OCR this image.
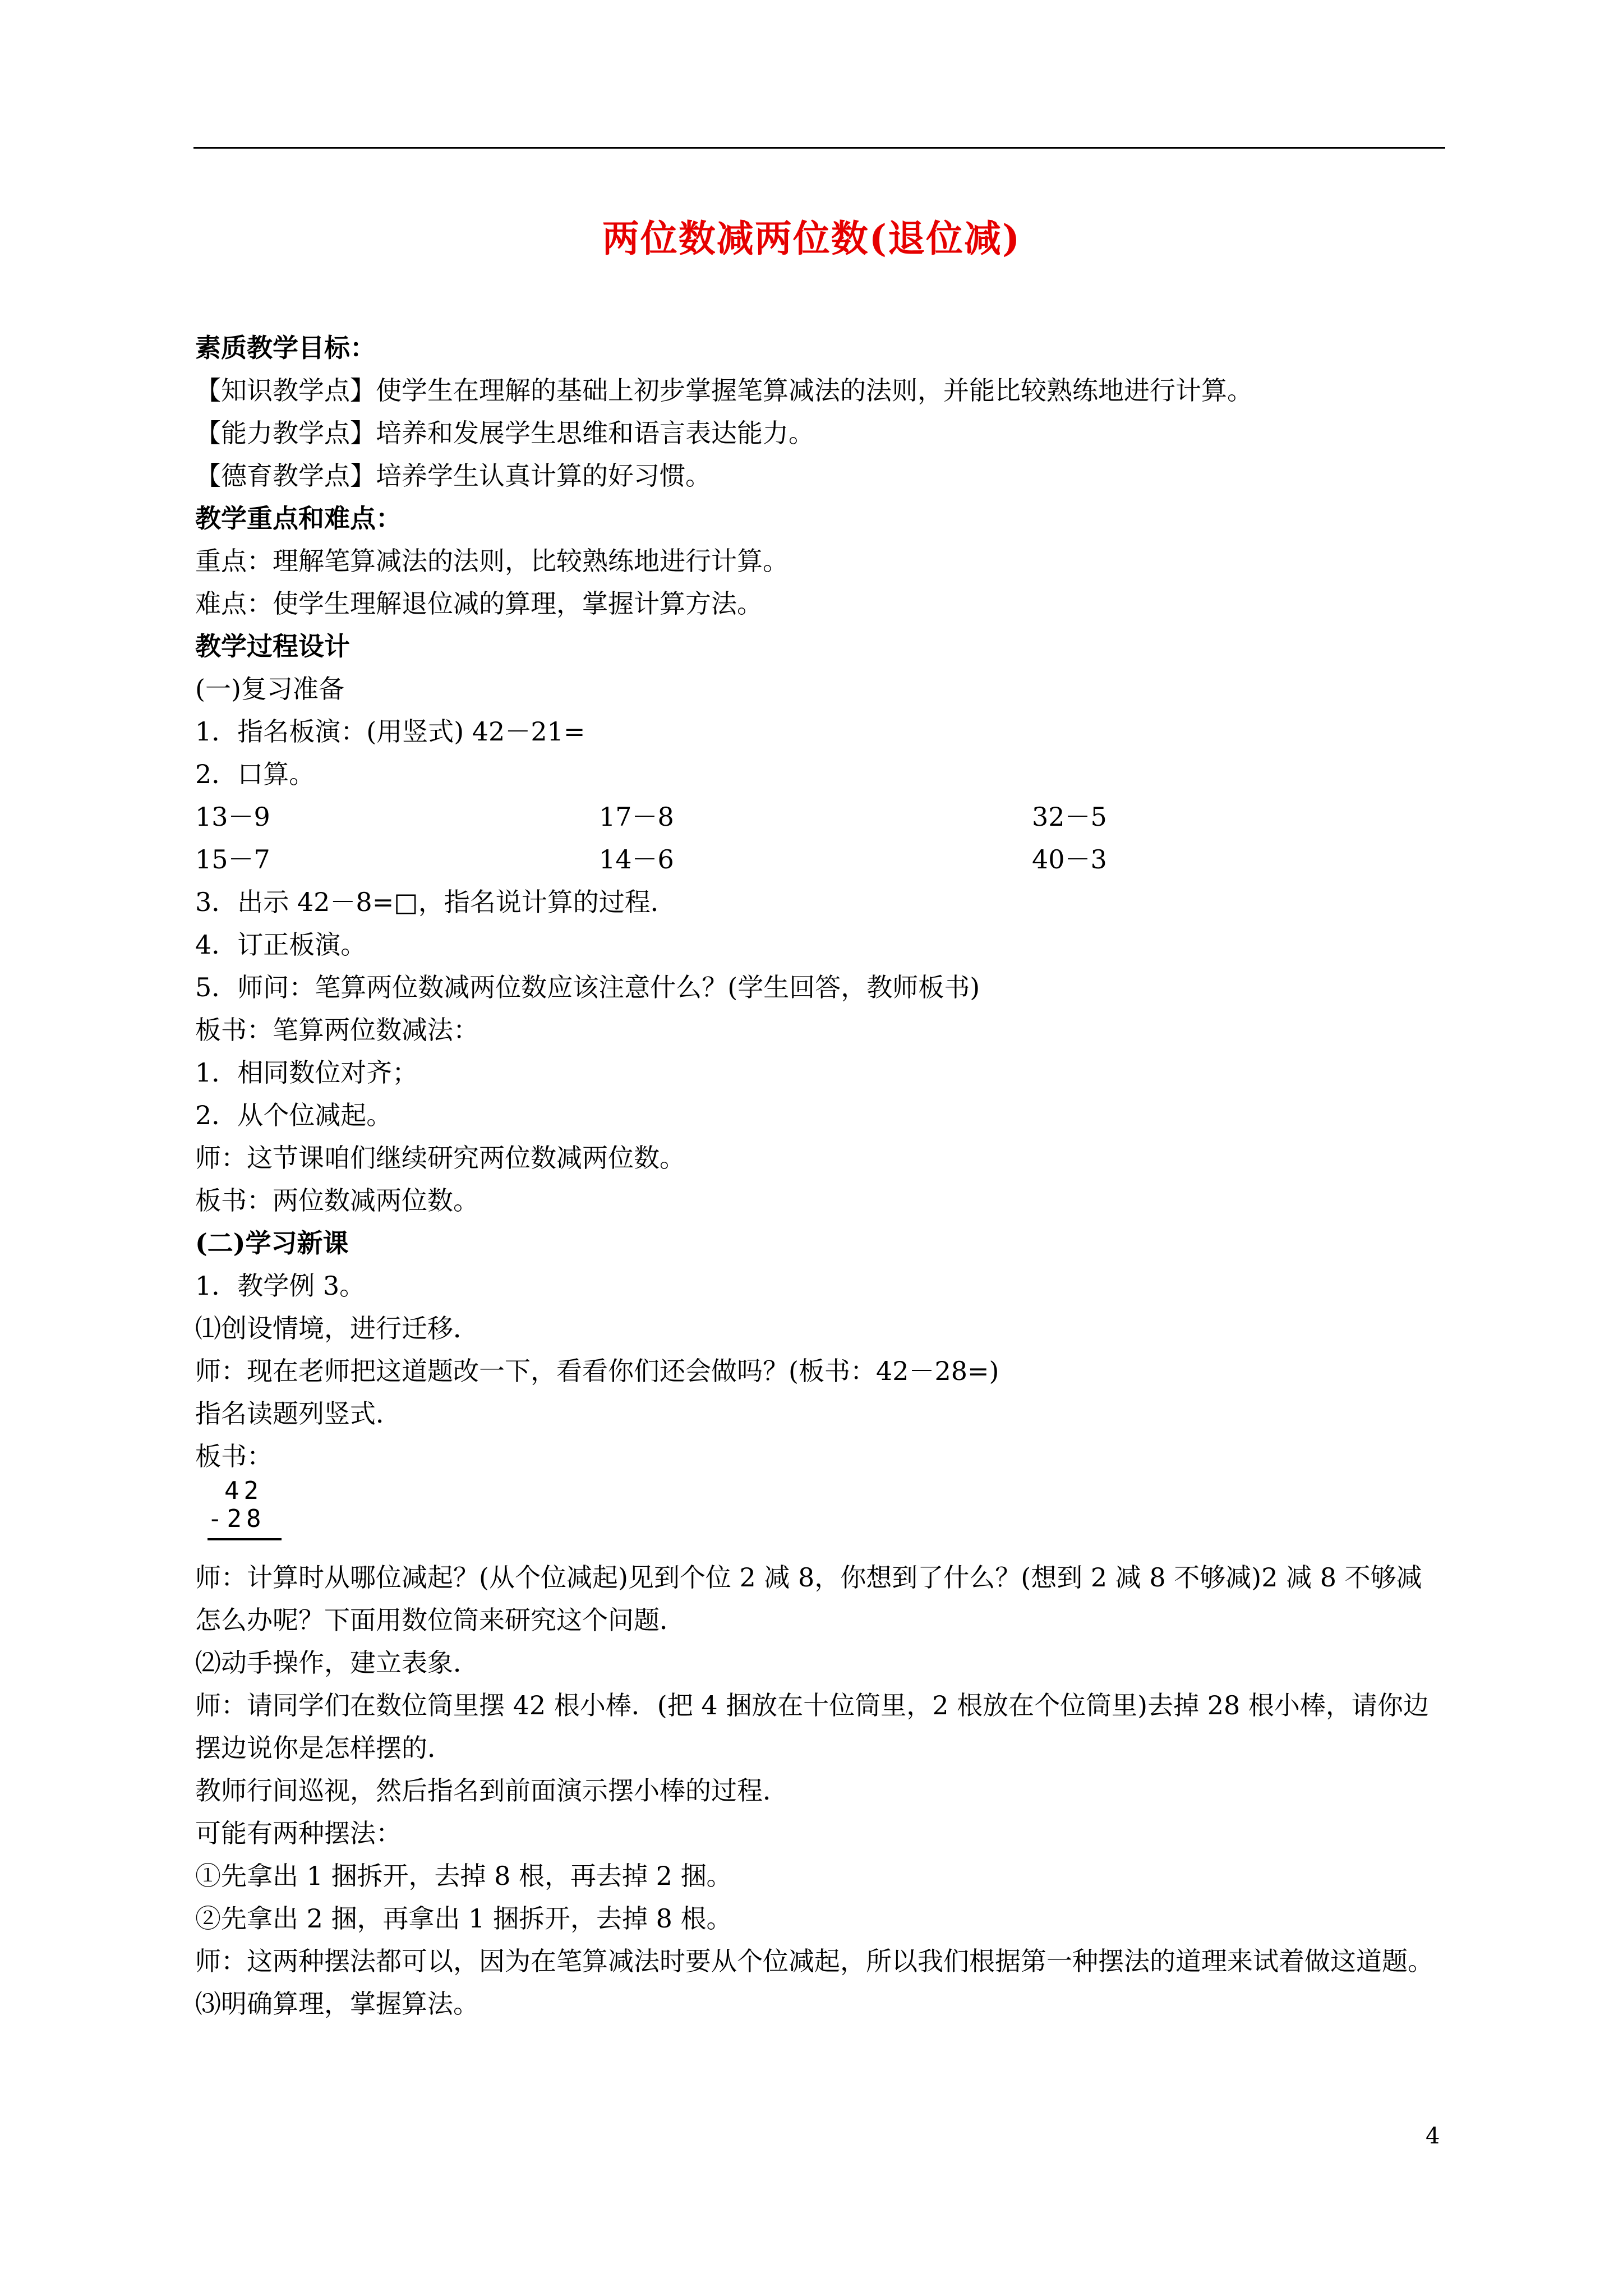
两位数减两位数(退位减)
素质教学目标：
【知识教学点】使学生在理解的基础上初步掌握笔算减法的法则，并能比较熟练地进行计算。
【能力教学点】培养和发展学生思维和语言表达能力。
【德育教学点】培养学生认真计算的好习惯。
教学重点和难点：
重点：理解笔算减法的法则，比较熟练地进行计算。
难点：使学生理解退位减的算理，掌握计算方法。
教学过程设计
(一)复习准备
1．指名板演：(用竖式) 42－21=
2．口算。
13－9	17－8	32－5
15－7	14－6	40－3
3．出示 42－8=□，指名说计算的过程．
4．订正板演。
5．师问：笔算两位数减两位数应该注意什么？(学生回答，教师板书)
板书：笔算两位数减法：
1．相同数位对齐；
2．从个位减起。
师：这节课咱们继续研究两位数减两位数。
板书：两位数减两位数。
(二)学习新课
1．教学例 3。
⑴创设情境，进行迁移．
师：现在老师把这道题改一下，看看你们还会做吗？(板书：42－28=)
指名读题列竖式．
板书：
42
-28
师：计算时从哪位减起？(从个位减起)见到个位 2 减 8，你想到了什么？(想到 2 减 8 不够减)2 减 8 不够减怎么办呢？下面用数位筒来研究这个问题．
⑵动手操作，建立表象．
师：请同学们在数位筒里摆 42 根小棒．(把 4 捆放在十位筒里，2 根放在个位筒里)去掉 28 根小棒，请你边摆边说你是怎样摆的．
教师行间巡视，然后指名到前面演示摆小棒的过程．
可能有两种摆法：
①先拿出 1 捆拆开，去掉 8 根，再去掉 2 捆。
②先拿出 2 捆，再拿出 1 捆拆开，去掉 8 根。
师：这两种摆法都可以，因为在笔算减法时要从个位减起，所以我们根据第一种摆法的道理来试着做这道题。
⑶明确算理，掌握算法。
4
